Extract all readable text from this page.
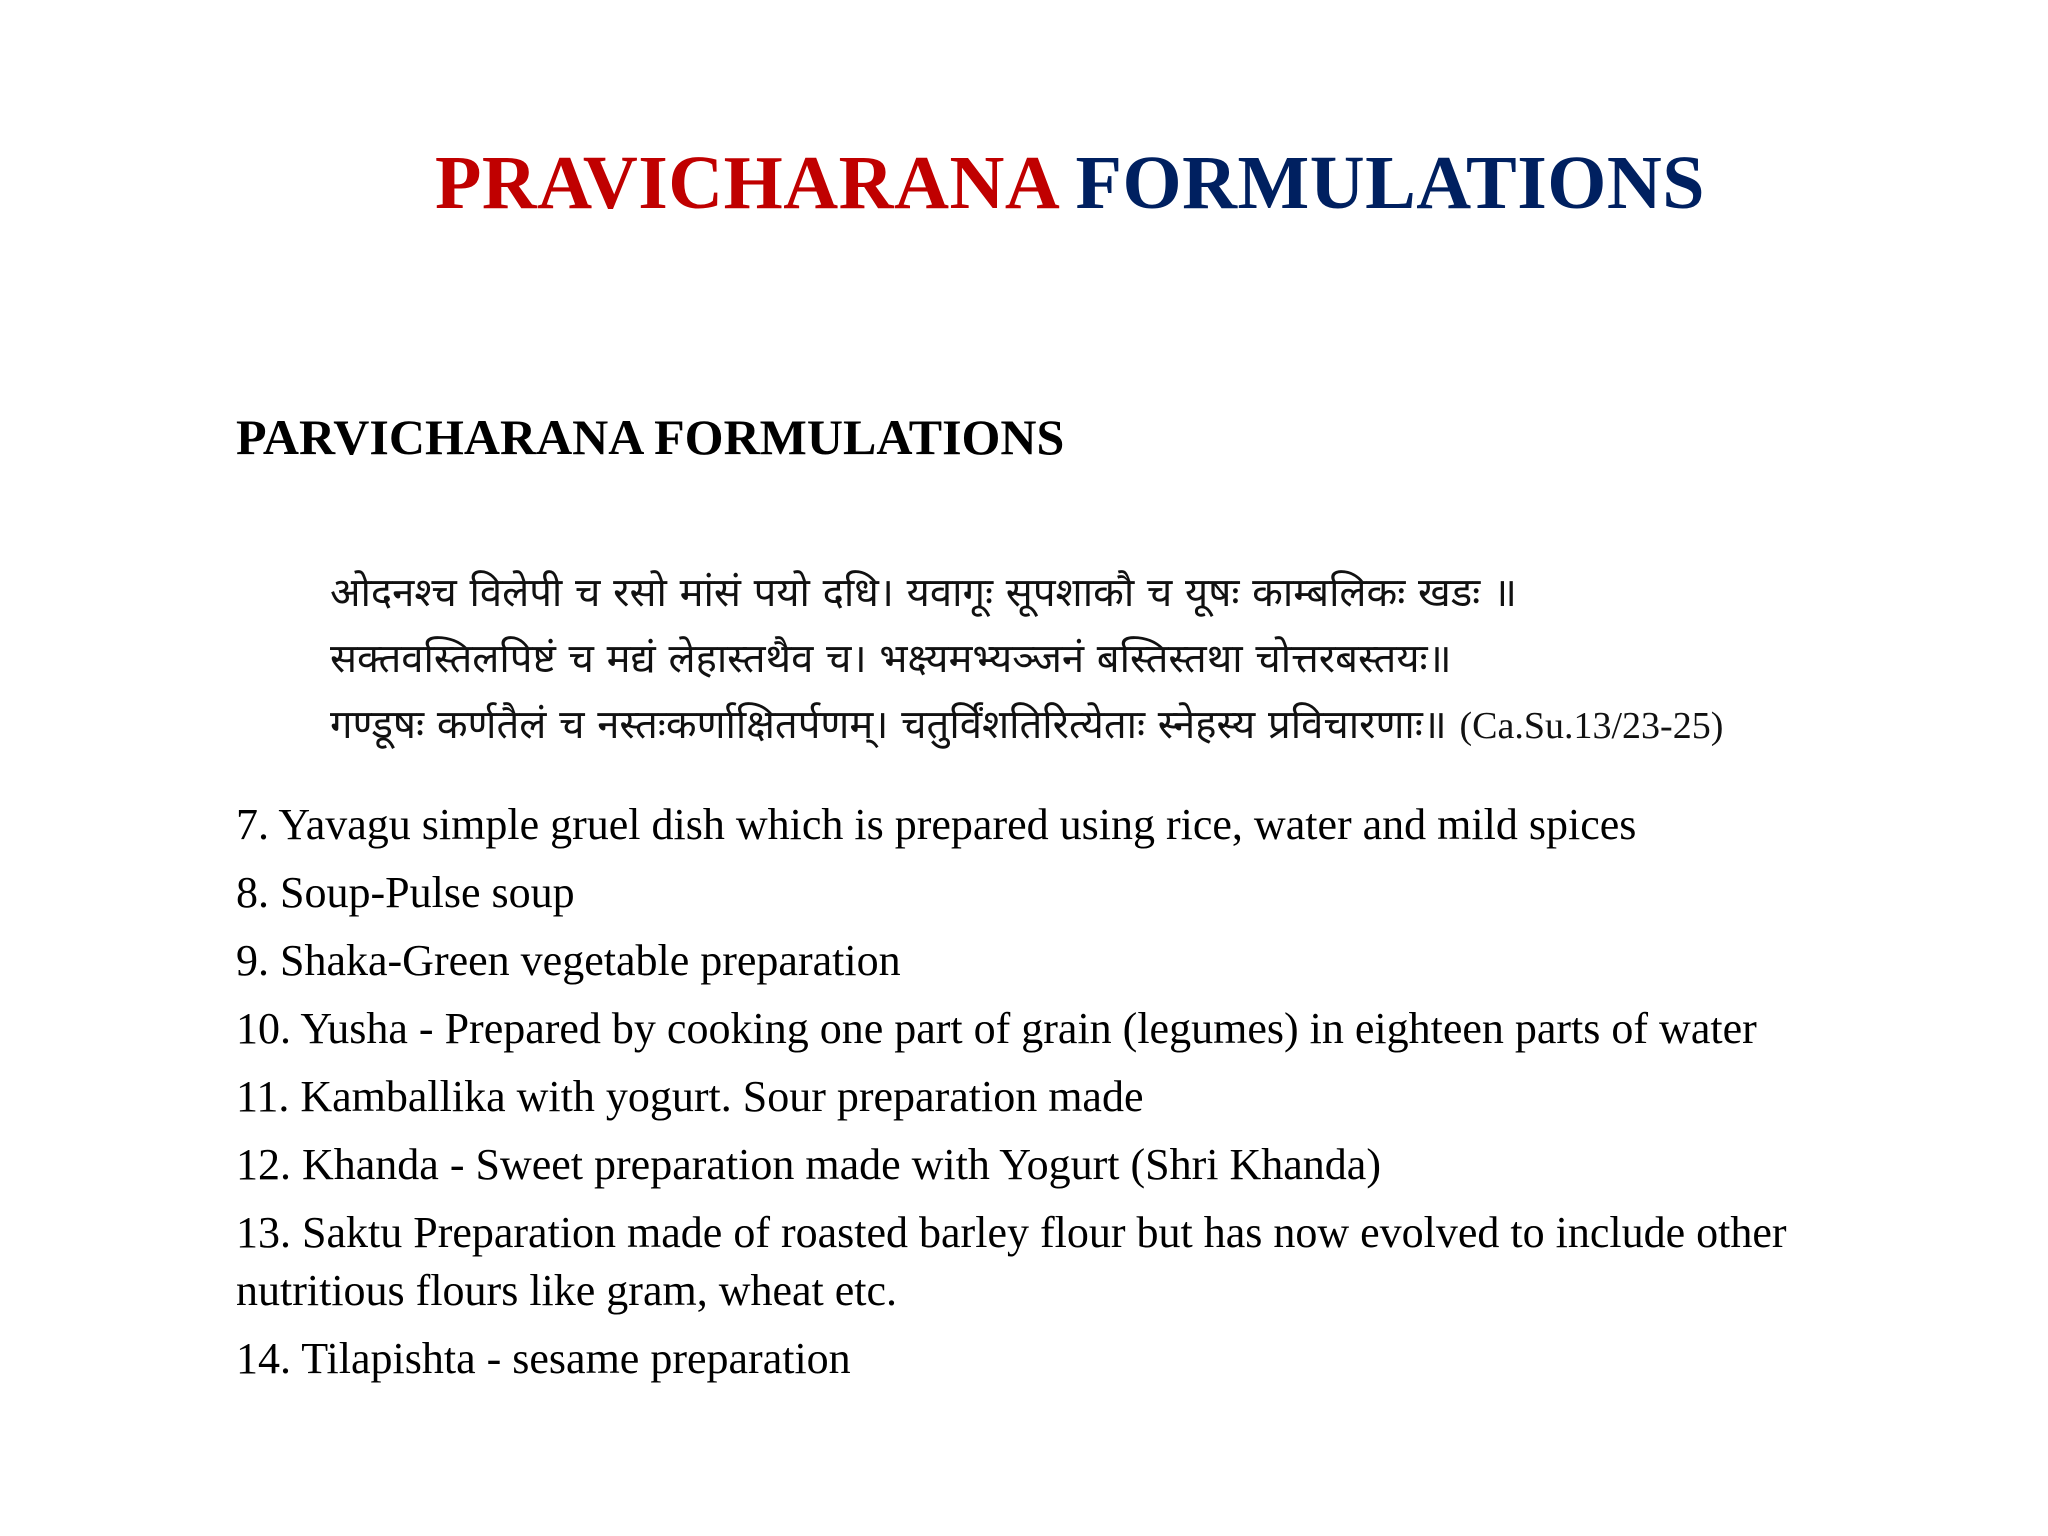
PRAVICHARANA FORMULATIONS
PARVICHARANA FORMULATIONS
ओदनश्च विलेपी च रसो मांसं पयो दधि। यवागूः सूपशाकौ च यूषः काम्बलिकः खडः ॥
सक्तवस्तिलपिष्टं च मद्यं लेहास्तथैव च। भक्ष्यमभ्यञ्जनं बस्तिस्तथा चोत्तरबस्तयः॥
गण्डूषः कर्णतैलं च नस्तःकर्णाक्षितर्पणम्। चतुर्विंशतिरित्येताः स्नेहस्य प्रविचारणाः॥ (Ca.Su.13/23-25)
7. Yavagu simple gruel dish which is prepared using rice, water and mild spices
8. Soup-Pulse soup
9. Shaka-Green vegetable preparation
10. Yusha - Prepared by cooking one part of grain (legumes) in eighteen parts of water
11. Kamballika with yogurt. Sour preparation made
12. Khanda - Sweet preparation made with Yogurt (Shri Khanda)
13. Saktu Preparation made of roasted barley flour but has now evolved to include other nutritious flours like gram, wheat etc.
14. Tilapishta - sesame preparation
